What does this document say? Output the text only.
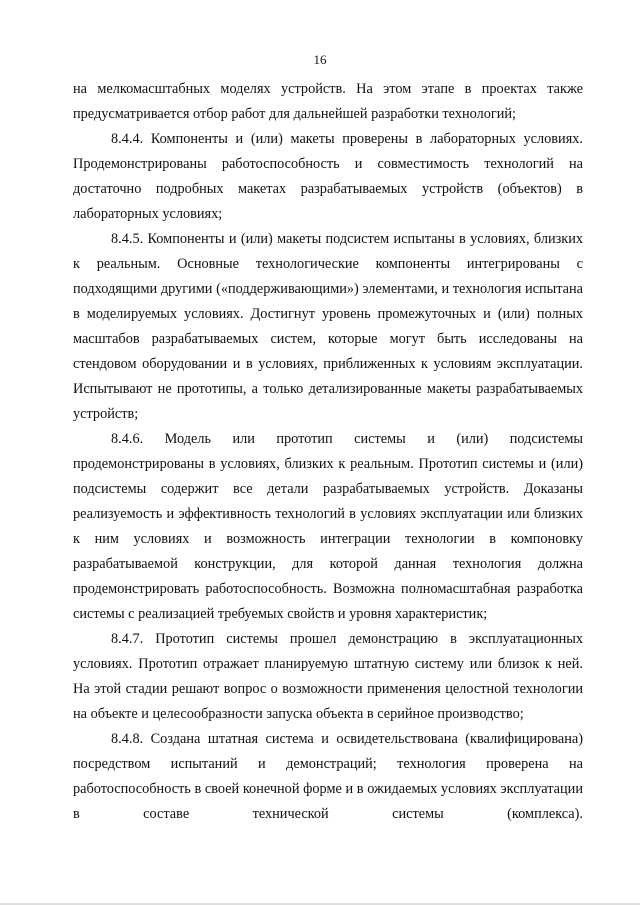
16

на мелкомасштабных моделях устройств. На этом этапе в проектах также предусматривается отбор работ для дальнейшей разработки технологий;

8.4.4. Компоненты и (или) макеты проверены в лабораторных условиях. Продемонстрированы работоспособность и совместимость технологий на достаточно подробных макетах разрабатываемых устройств (объектов) в лабораторных условиях;

8.4.5. Компоненты и (или) макеты подсистем испытаны в условиях, близких к реальным. Основные технологические компоненты интегрированы с подходящими другими («поддерживающими») элементами, и технология испытана в моделируемых условиях. Достигнут уровень промежуточных и (или) полных масштабов разрабатываемых систем, которые могут быть исследованы на стендовом оборудовании и в условиях, приближенных к условиям эксплуатации. Испытывают не прототипы, а только детализированные макеты разрабатываемых устройств;

8.4.6. Модель или прототип системы и (или) подсистемы продемонстрированы в условиях, близких к реальным. Прототип системы и (или) подсистемы содержит все детали разрабатываемых устройств. Доказаны реализуемость и эффективность технологий в условиях эксплуатации или близких к ним условиях и возможность интеграции технологии в компоновку разрабатываемой конструкции, для которой данная технология должна продемонстрировать работоспособность. Возможна полномасштабная разработка системы с реализацией требуемых свойств и уровня характеристик;

8.4.7. Прототип системы прошел демонстрацию в эксплуатационных условиях. Прототип отражает планируемую штатную систему или близок к ней. На этой стадии решают вопрос о возможности применения целостной технологии на объекте и целесообразности запуска объекта в серийное производство;

8.4.8. Создана штатная система и освидетельствована (квалифицирована) посредством испытаний и демонстраций; технология проверена на работоспособность в своей конечной форме и в ожидаемых условиях эксплуатации в составе технической системы (комплекса).
